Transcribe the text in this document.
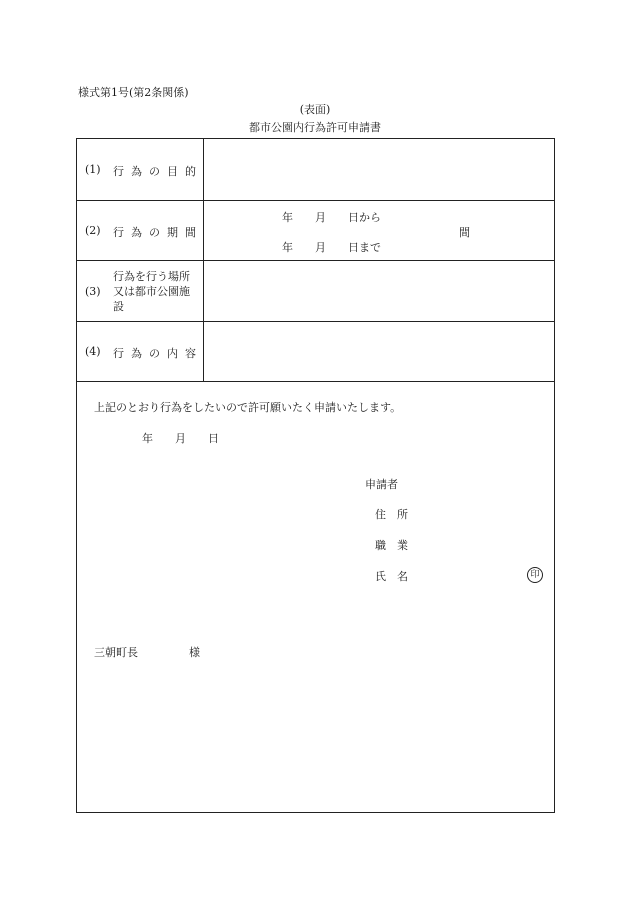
様式第1号(第2条関係)
(表面)
都市公園内行為許可申請書
(1) 行為の目的
(2) 行為の期間
年　　月　　日から
年　　月　　日まで
間
(3)
行為を行う場所又は都市公園施設
(4) 行為の内容
上記のとおり行為をしたいので許可願いたく申請いたします。
年　　月　　日
申請者
住　所
職　業
氏　名	印
三朝町長	様
